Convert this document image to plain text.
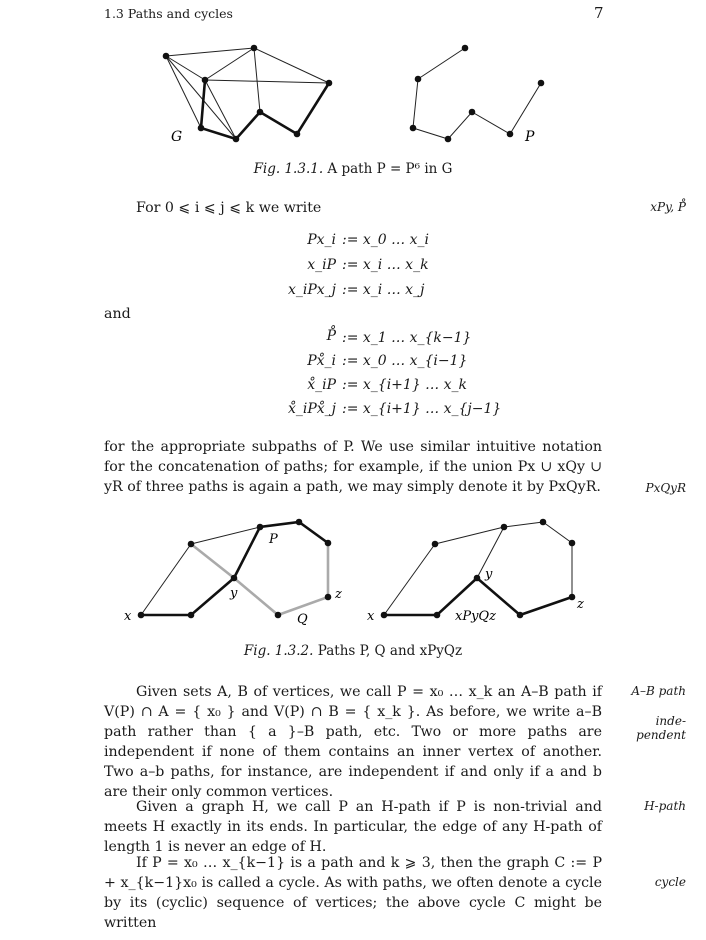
1.3 Paths and cycles	7
G	P
Fig. 1.3.1. A path P = P⁶ in G
For 0 ⩽ i ⩽ j ⩽ k we write	xPy, P̊
Px_i := x_0 … x_i
x_iP := x_i … x_k
x_iPx_j := x_i … x_j
and
P̊ := x_1 … x_{k−1}
Px̊_i := x_0 … x_{i−1}
x̊_iP := x_{i+1} … x_k
x̊_iPx̊_j := x_{i+1} … x_{j−1}
for the appropriate subpaths of P. We use similar intuitive notation for the concatenation of paths; for example, if the union Px ∪ xQy ∪ yR of three paths is again a path, we may simply denote it by PxQyR.	PxQyR
x
y	z
P
Q	x
y
z
xPyQz
Fig. 1.3.2. Paths P, Q and xPyQz
Given sets A, B of vertices, we call P = x₀ … x_k an A–B path if V(P) ∩ A = { x₀ } and V(P) ∩ B = { x_k }. As before, we write a–B path rather than { a }–B path, etc. Two or more paths are independent if none of them contains an inner vertex of another. Two a–b paths, for instance, are independent if and only if a and b are their only common vertices.
A–B path
inde-
pendent
Given a graph H, we call P an H-path if P is non-trivial and meets H exactly in its ends. In particular, the edge of any H-path of length 1 is never an edge of H.
H-path
If P = x₀ … x_{k−1} is a path and k ⩾ 3, then the graph C := P + x_{k−1}x₀ is called a cycle. As with paths, we often denote a cycle by its (cyclic) sequence of vertices; the above cycle C might be written
cycle
